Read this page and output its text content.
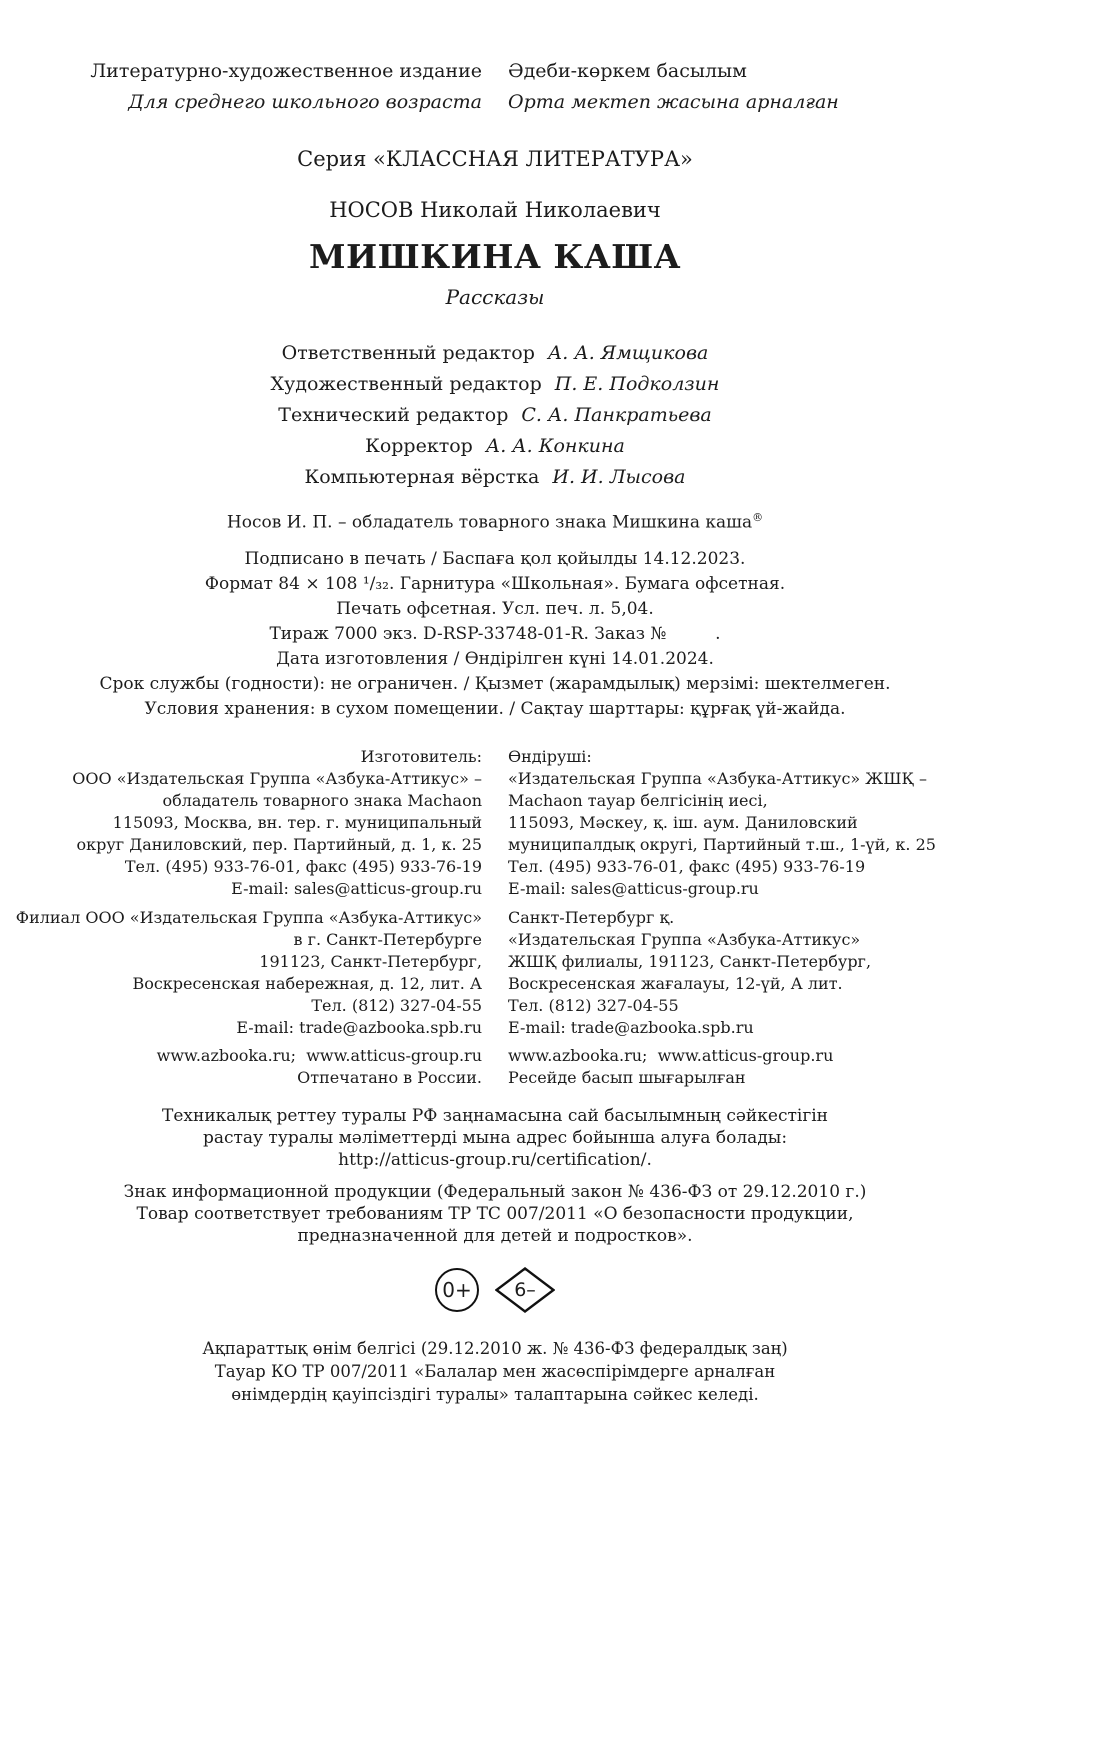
Литературно-художественное издание
Для среднего школьного возраста
Әдеби-көркем басылым
Орта мектеп жасына арналған
Серия «КЛАССНАЯ ЛИТЕРАТУРА»
НОСОВ Николай Николаевич
МИШКИНА КАША
Рассказы
Ответственный редактор А. А. Ямщикова
Художественный редактор П. Е. Подколзин
Технический редактор С. А. Панкратьева
Корректор А. А. Конкина
Компьютерная вёрстка И. И. Лысова
Носов И. П. – обладатель товарного знака Мишкина каша®
Подписано в печать / Баспаға қол қойылды 14.12.2023.
Формат 84 × 108 ¹/₃₂. Гарнитура «Школьная». Бумага офсетная.
Печать офсетная. Усл. печ. л. 5,04.
Тираж 7000 экз. D-RSP-33748-01-R. Заказ №         .
Дата изготовления / Өндірілген күні 14.01.2024.
Срок службы (годности): не ограничен. / Қызмет (жарамдылық) мерзімі: шектелмеген.
Условия хранения: в сухом помещении. / Сақтау шарттары: құрғақ үй-жайда.
Изготовитель:
ООО «Издательская Группа «Азбука-Аттикус» –
обладатель товарного знака Machaon
115093, Москва, вн. тер. г. муниципальный
округ Даниловский, пер. Партийный, д. 1, к. 25
Тел. (495) 933-76-01, факс (495) 933-76-19
E-mail: sales@atticus-group.ru
Өндіруші:
«Издательская Группа «Азбука-Аттикус» ЖШҚ –
Machaon тауар белгісінің иесі,
115093, Мәскеу, қ. іш. аум. Даниловский
муниципалдық округі, Партийный т.ш., 1-үй, к. 25
Тел. (495) 933-76-01, факс (495) 933-76-19
E-mail: sales@atticus-group.ru
Филиал ООО «Издательская Группа «Азбука-Аттикус»
в г. Санкт-Петербурге
191123, Санкт-Петербург,
Воскресенская набережная, д. 12, лит. А
Тел. (812) 327-04-55
E-mail: trade@azbooka.spb.ru
Санкт-Петербург қ.
«Издательская Группа «Азбука-Аттикус»
ЖШҚ филиалы, 191123, Санкт-Петербург,
Воскресенская жағалауы, 12-үй, А лит.
Тел. (812) 327-04-55
E-mail: trade@azbooka.spb.ru
www.azbooka.ru;  www.atticus-group.ru
Отпечатано в России.
www.azbooka.ru;  www.atticus-group.ru
Ресейде басып шығарылған
Техникалық реттеу туралы РФ заңнамасына сай басылымның сәйкестігін
растау туралы мәліметтерді мына адрес бойынша алуға болады:
http://atticus-group.ru/certification/.
Знак информационной продукции (Федеральный закон № 436-ФЗ от 29.12.2010 г.)
Товар соответствует требованиям ТР ТС 007/2011 «О безопасности продукции,
предназначенной для детей и подростков».
0+	6–
Ақпараттық өнім белгісі (29.12.2010 ж. № 436-ФЗ федералдық заң)
Тауар КО ТР 007/2011 «Балалар мен жасөспірімдерге арналған
өнімдердің қауіпсіздігі туралы» талаптарына сәйкес келеді.
